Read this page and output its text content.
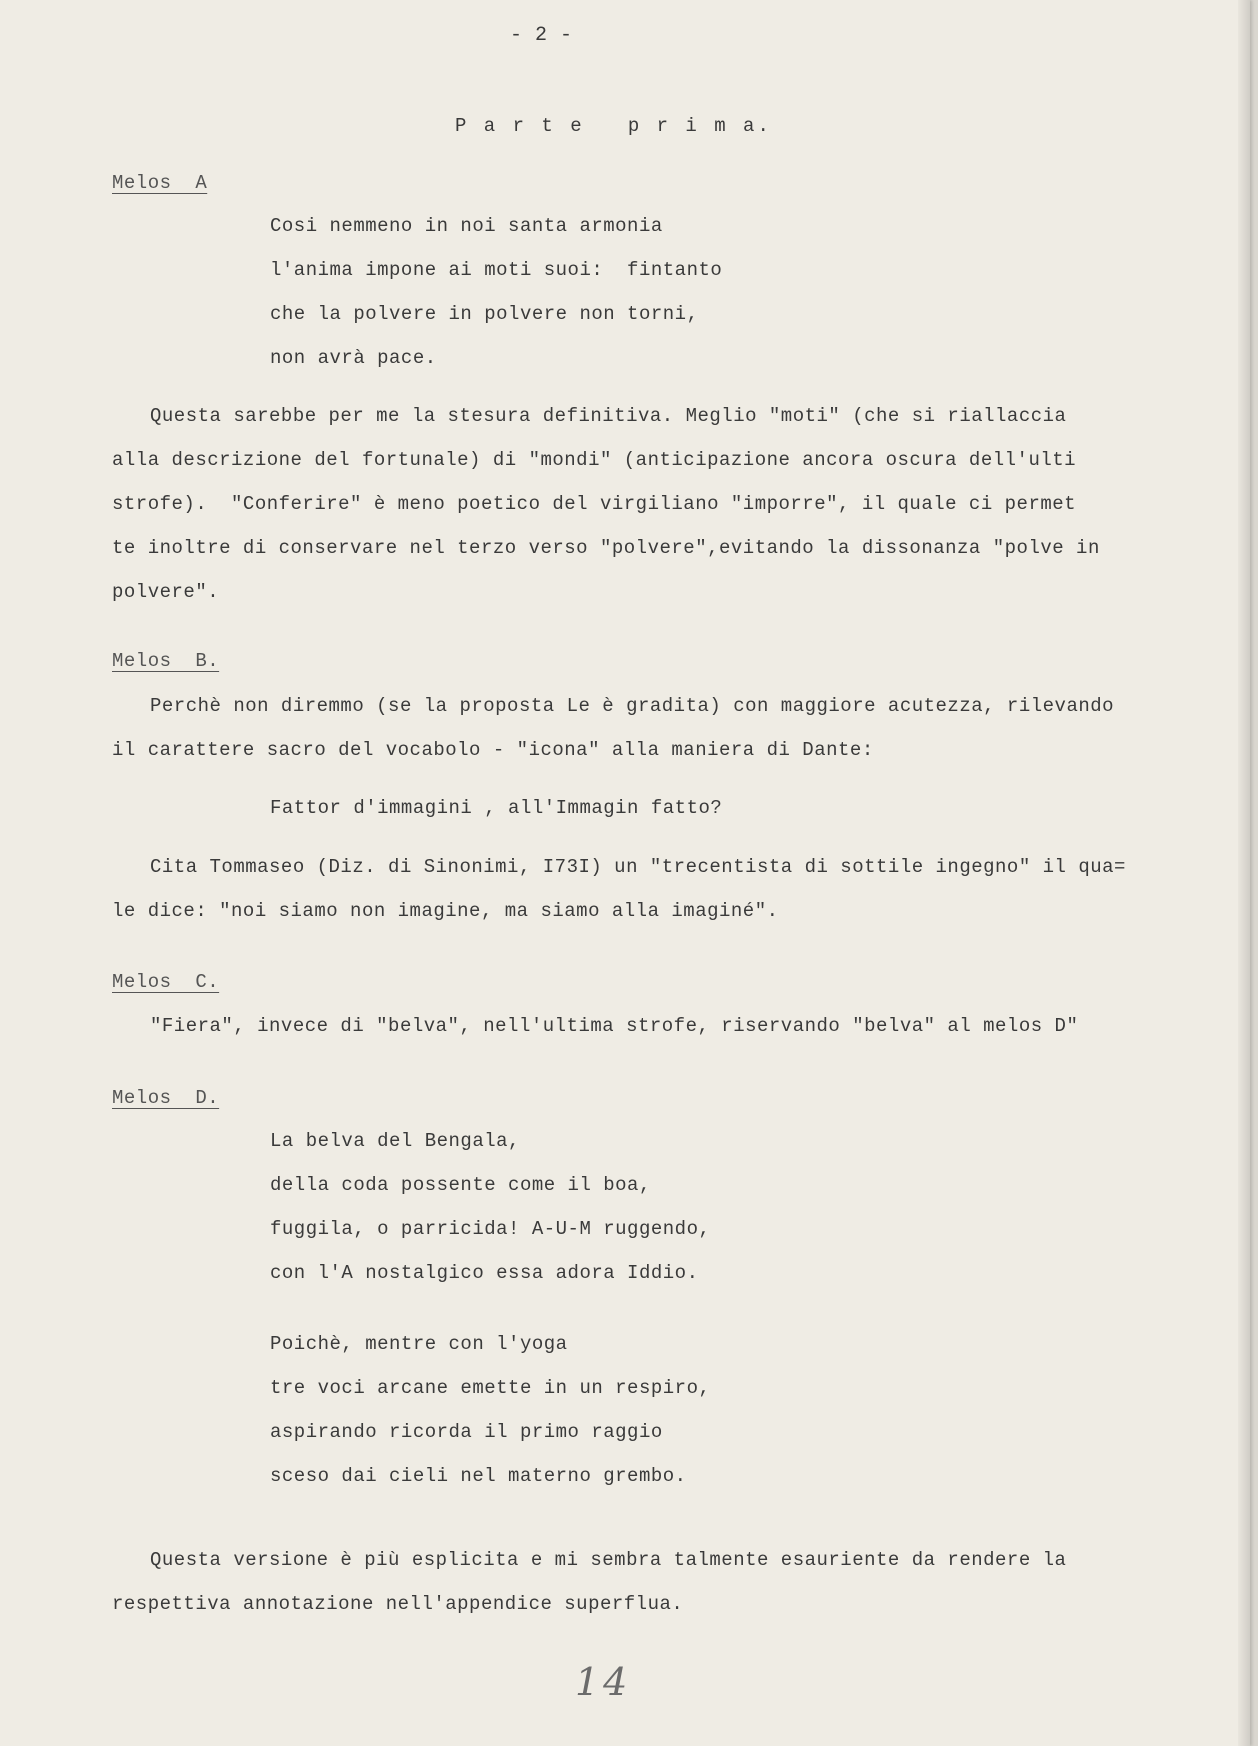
- 2 -
P a r t e   p r i m a.
Melos  A
Cosi nemmeno in noi santa armonia
l'anima impone ai moti suoi:  fintanto
che la polvere in polvere non torni,
non avrà pace.
Questa sarebbe per me la stesura definitiva. Meglio "moti" (che si riallaccia
alla descrizione del fortunale) di "mondi" (anticipazione ancora oscura dell'ulti
strofe).  "Conferire" è meno poetico del virgiliano "imporre", il quale ci permet
te inoltre di conservare nel terzo verso "polvere",evitando la dissonanza "polve in
polvere".
Melos  B.
Perchè non diremmo (se la proposta Le è gradita) con maggiore acutezza, rilevando
il carattere sacro del vocabolo - "icona" alla maniera di Dante:
Fattor d'immagini , all'Immagin fatto?
Cita Tommaseo (Diz. di Sinonimi, I73I) un "trecentista di sottile ingegno" il qua=
le dice: "noi siamo non imagine, ma siamo alla imaginé".
Melos  C.
"Fiera", invece di "belva", nell'ultima strofe, riservando "belva" al melos D"
Melos  D.
La belva del Bengala,
della coda possente come il boa,
fuggila, o parricida! A-U-M ruggendo,
con l'A nostalgico essa adora Iddio.
Poichè, mentre con l'yoga
tre voci arcane emette in un respiro,
aspirando ricorda il primo raggio
sceso dai cieli nel materno grembo.
Questa versione è più esplicita e mi sembra talmente esauriente da rendere la
respettiva annotazione nell'appendice superflua.
14
